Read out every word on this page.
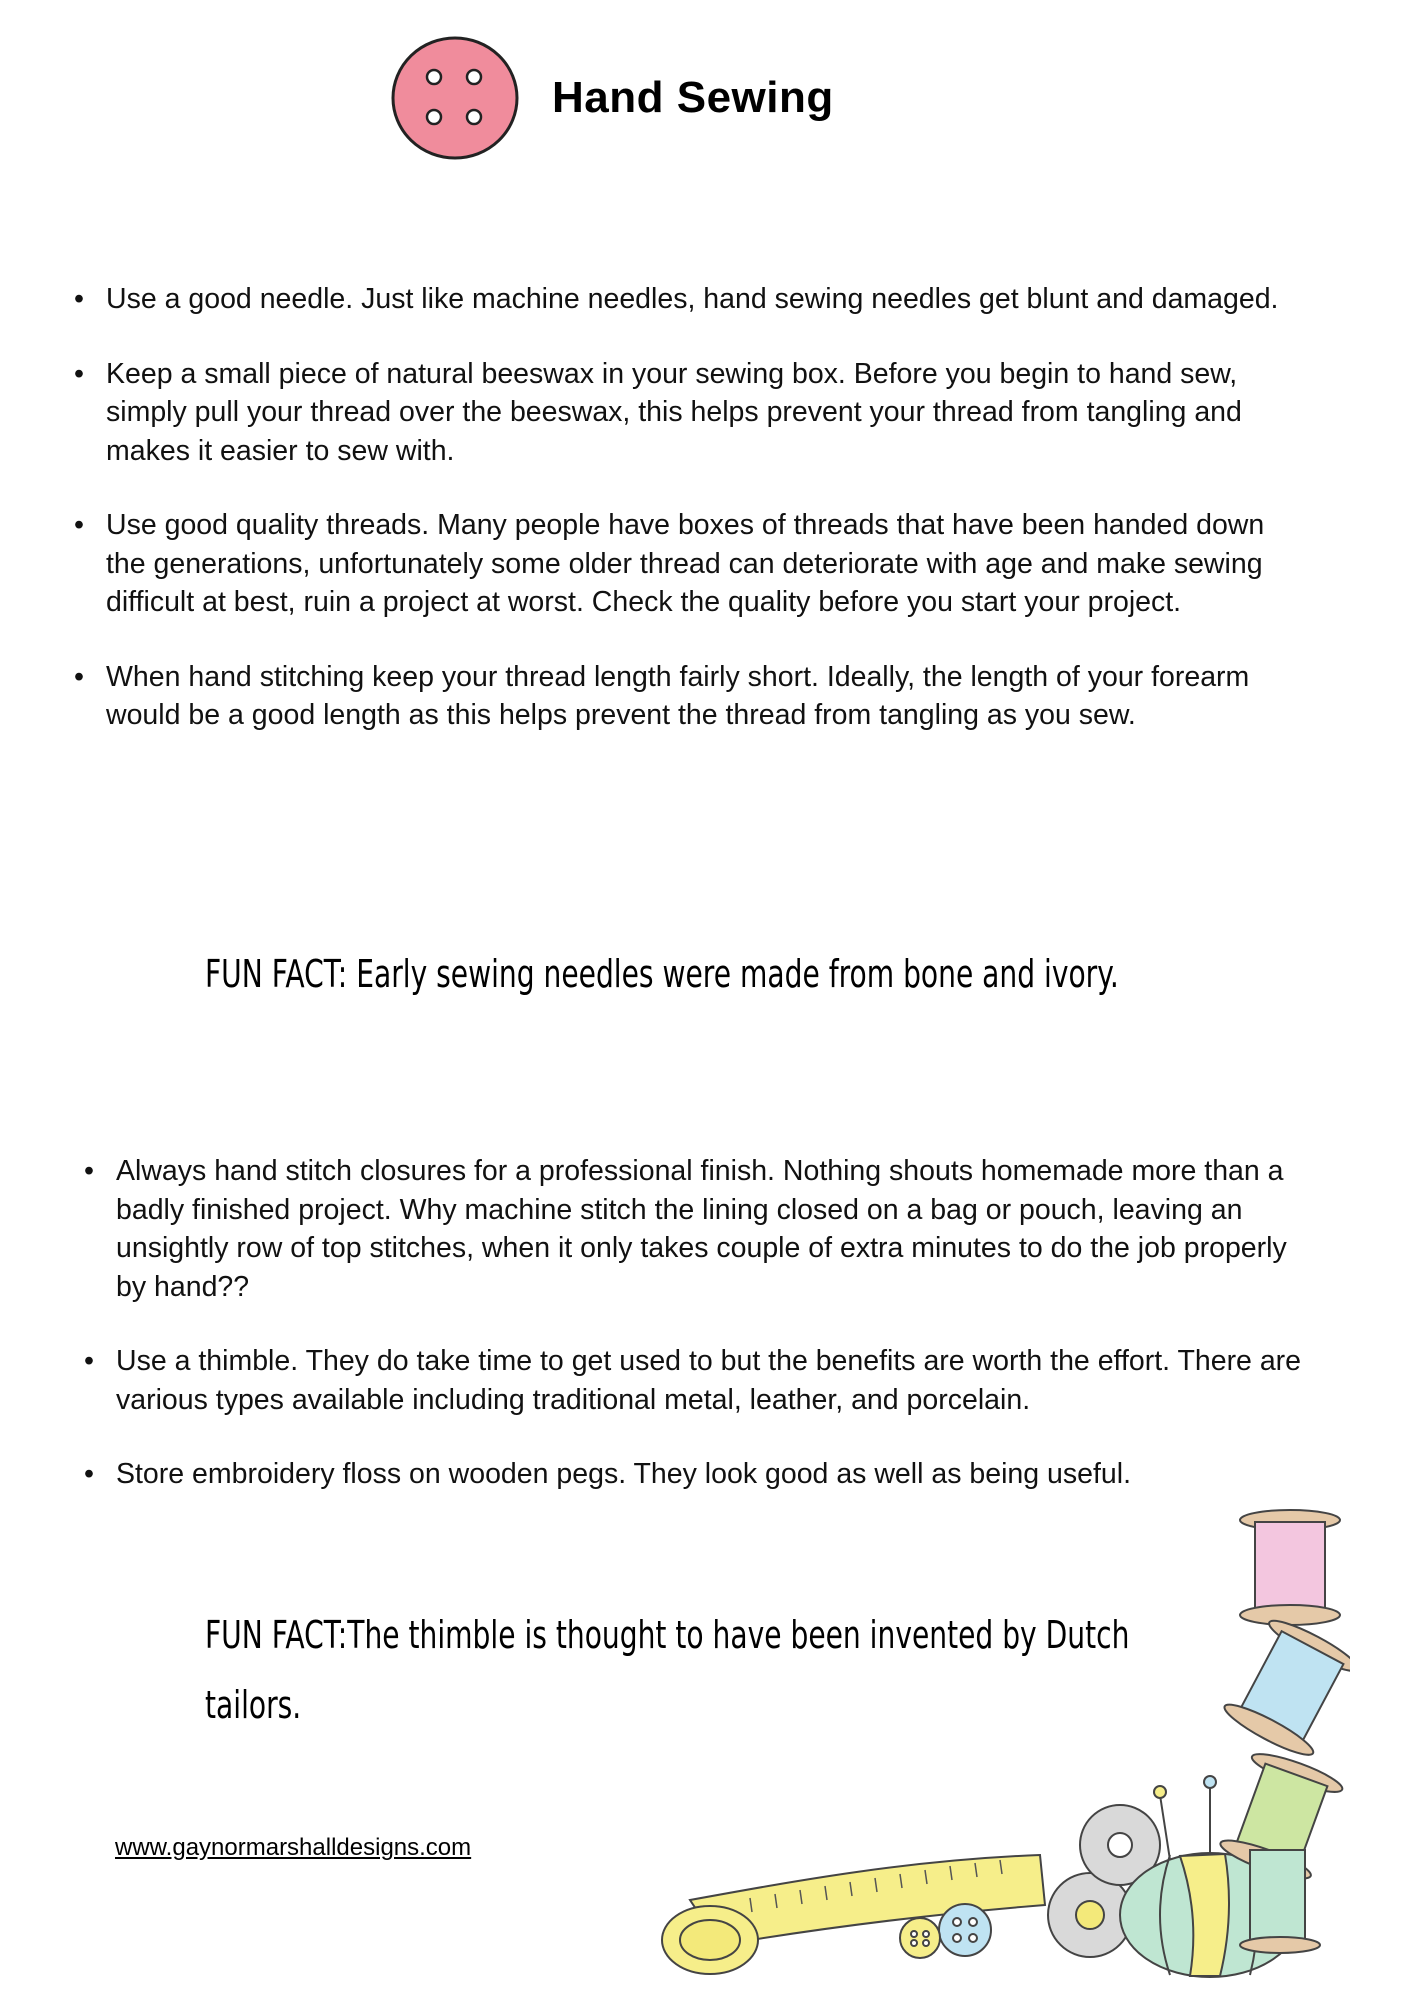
Hand Sewing
• Use a good needle. Just like machine needles, hand sewing needles get blunt and damaged.
• Keep a small piece of natural beeswax in your sewing box. Before you begin to hand sew, simply pull your thread over the beeswax, this helps prevent your thread from tangling and makes it easier to sew with.
• Use good quality threads. Many people have boxes of threads that have been handed down the generations, unfortunately some older thread can deteriorate with age and make sewing difficult at best, ruin a project at worst. Check the quality before you start your project.
• When hand stitching keep your thread length fairly short. Ideally, the length of your forearm would be a good length as this helps prevent the thread from tangling as you sew.
FUN FACT: Early sewing needles were made from bone and ivory.
• Always hand stitch closures for a professional finish. Nothing shouts homemade more than a badly finished project. Why machine stitch the lining closed on a bag or pouch, leaving an unsightly row of top stitches, when it only takes couple of extra minutes to do the job properly by hand??
• Use a thimble. They do take time to get used to but the benefits are worth the effort. There are various types available including traditional metal, leather, and porcelain.
• Store embroidery floss on wooden pegs. They look good as well as being useful.
FUN FACT:The thimble is thought to have been invented by Dutch
tailors.
www.gaynormarshalldesigns.com
